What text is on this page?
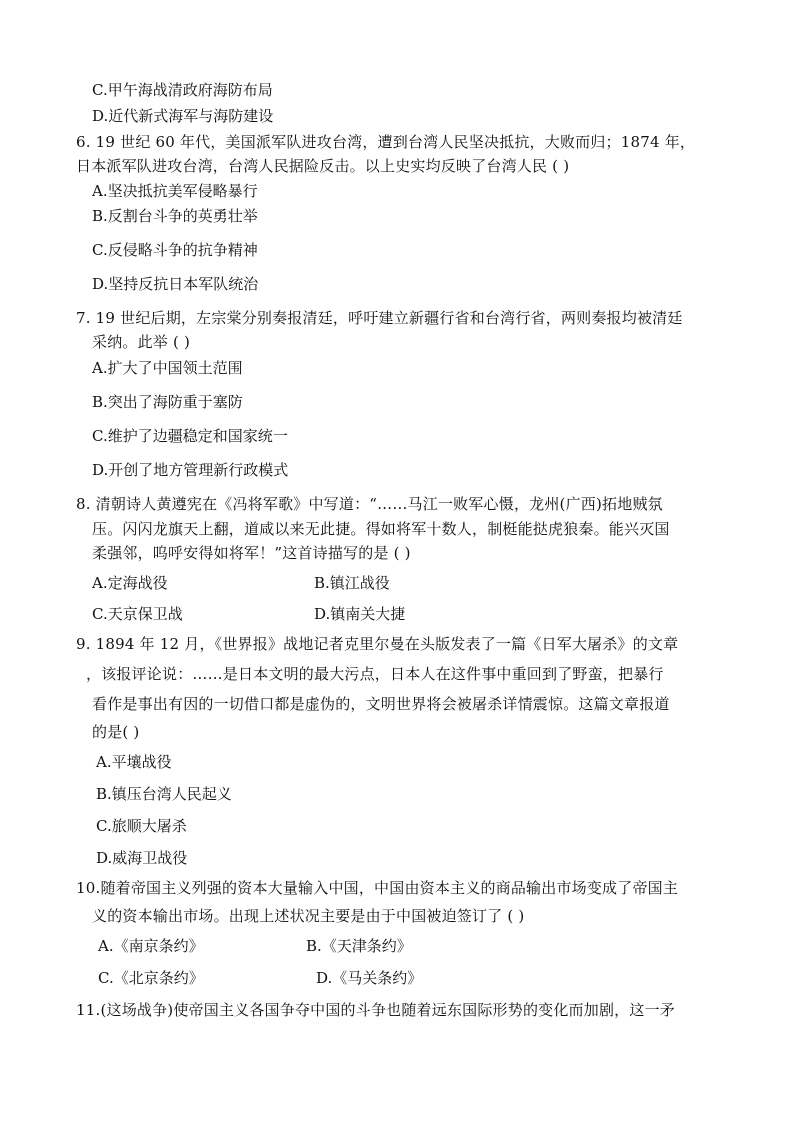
C.甲午海战清政府海防布局
D.近代新式海军与海防建设
6. 19 世纪 60 年代，美国派军队进攻台湾，遭到台湾人民坚决抵抗，大败而归；1874 年，
日本派军队进攻台湾，台湾人民据险反击。以上史实均反映了台湾人民 ( )
A.坚决抵抗美军侵略暴行
B.反割台斗争的英勇壮举
C.反侵略斗争的抗争精神
D.坚持反抗日本军队统治
7. 19 世纪后期，左宗棠分别奏报清廷，呼吁建立新疆行省和台湾行省，两则奏报均被清廷
采纳。此举 ( )
A.扩大了中国领土范围
B.突出了海防重于塞防
C.维护了边疆稳定和国家统一
D.开创了地方管理新行政模式
8. 清朝诗人黄遵宪在《冯将军歌》中写道：“……马江一败军心慑，龙州(广西)拓地贼氛
压。闪闪龙旗天上翻，道咸以来无此捷。得如将军十数人，制梃能挞虎狼秦。能兴灭国
柔强邻，呜呼安得如将军！”这首诗描写的是 ( )
A.定海战役	B.镇江战役
C.天京保卫战	D.镇南关大捷
9. 1894 年 12 月，《世界报》战地记者克里尔曼在头版发表了一篇《日军大屠杀》的文章
，该报评论说：……是日本文明的最大污点，日本人在这件事中重回到了野蛮，把暴行
看作是事出有因的一切借口都是虚伪的，文明世界将会被屠杀详情震惊。这篇文章报道
的是( )
A.平壤战役
B.镇压台湾人民起义
C.旅顺大屠杀
D.威海卫战役
10.随着帝国主义列强的资本大量输入中国，中国由资本主义的商品输出市场变成了帝国主
义的资本输出市场。出现上述状况主要是由于中国被迫签订了 ( )
A.《南京条约》	B.《天津条约》
C.《北京条约》	D.《马关条约》
11.(这场战争)使帝国主义各国争夺中国的斗争也随着远东国际形势的变化而加剧，这一矛
